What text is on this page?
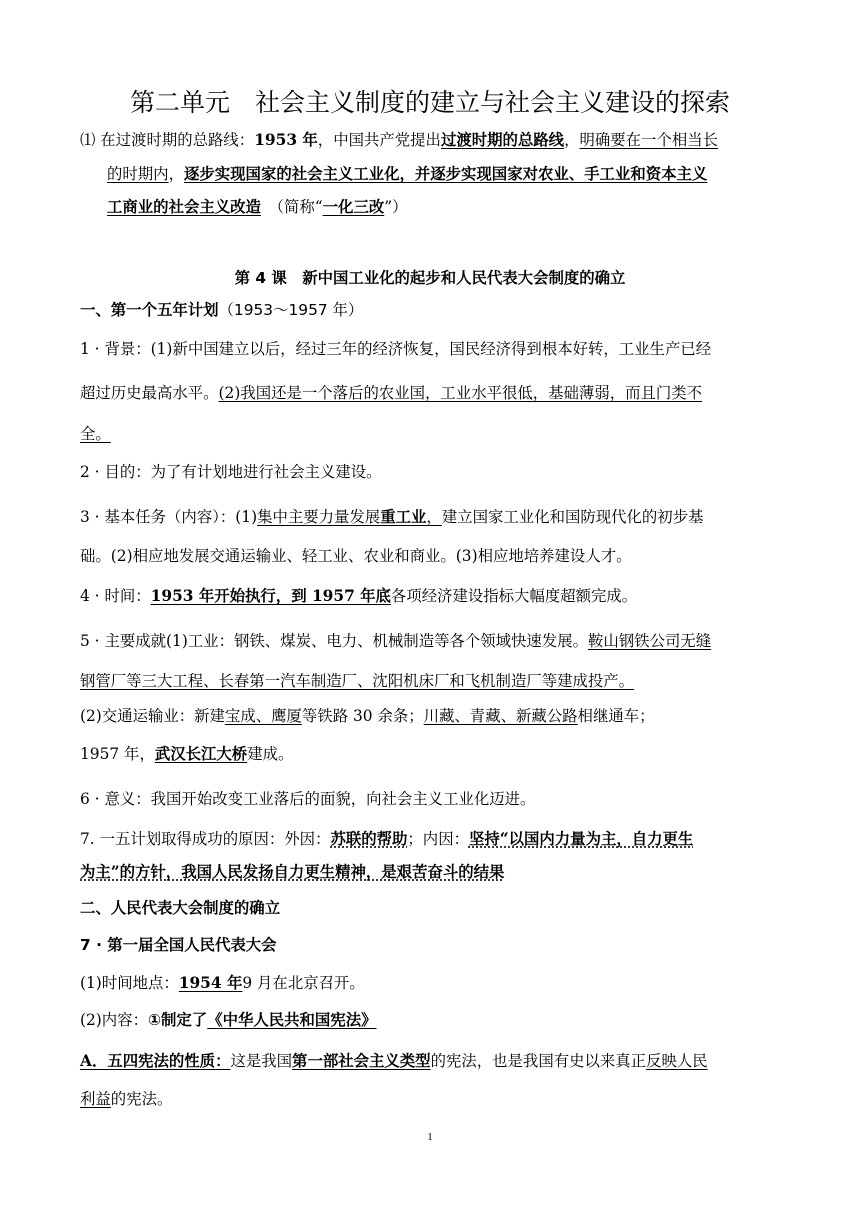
第二单元　社会主义制度的建立与社会主义建设的探索
⑴ 在过渡时期的总路线：1953 年，中国共产党提出过渡时期的总路线，明确要在一个相当长
的时期内，逐步实现国家的社会主义工业化，并逐步实现国家对农业、手工业和资本主义
工商业的社会主义改造　（简称“一化三改”）
第 4 课　新中国工业化的起步和人民代表大会制度的确立
一、第一个五年计划（1953～1957 年）
1 · 背景：(1)新中国建立以后，经过三年的经济恢复，国民经济得到根本好转，工业生产已经
超过历史最高水平。(2)我国还是一个落后的农业国，工业水平很低，基础薄弱，而且门类不
全。
2 · 目的：为了有计划地进行社会主义建设。
3 · 基本任务（内容）：(1)集中主要力量发展重工业，建立国家工业化和国防现代化的初步基
础。(2)相应地发展交通运输业、轻工业、农业和商业。(3)相应地培养建设人才。
4 · 时间：1953 年开始执行，到 1957 年底各项经济建设指标大幅度超额完成。
5 · 主要成就(1)工业：钢铁、煤炭、电力、机械制造等各个领域快速发展。鞍山钢铁公司无缝
钢管厂等三大工程、长春第一汽车制造厂、沈阳机床厂和飞机制造厂等建成投产。
(2)交通运输业：新建宝成、鹰厦等铁路 30 余条；川藏、青藏、新藏公路相继通车；
1957 年，武汉长江大桥建成。
6 · 意义：我国开始改变工业落后的面貌，向社会主义工业化迈进。
7. 一五计划取得成功的原因：外因：苏联的帮助；内因：坚持“以国内力量为主，自力更生
为主”的方针，我国人民发扬自力更生精神，是艰苦奋斗的结果
二、人民代表大会制度的确立
7 · 第一届全国人民代表大会
(1)时间地点：1954 年9 月在北京召开。
(2)内容：①制定了《中华人民共和国宪法》
A．五四宪法的性质：这是我国第一部社会主义类型的宪法，也是我国有史以来真正反映人民
利益的宪法。
1
